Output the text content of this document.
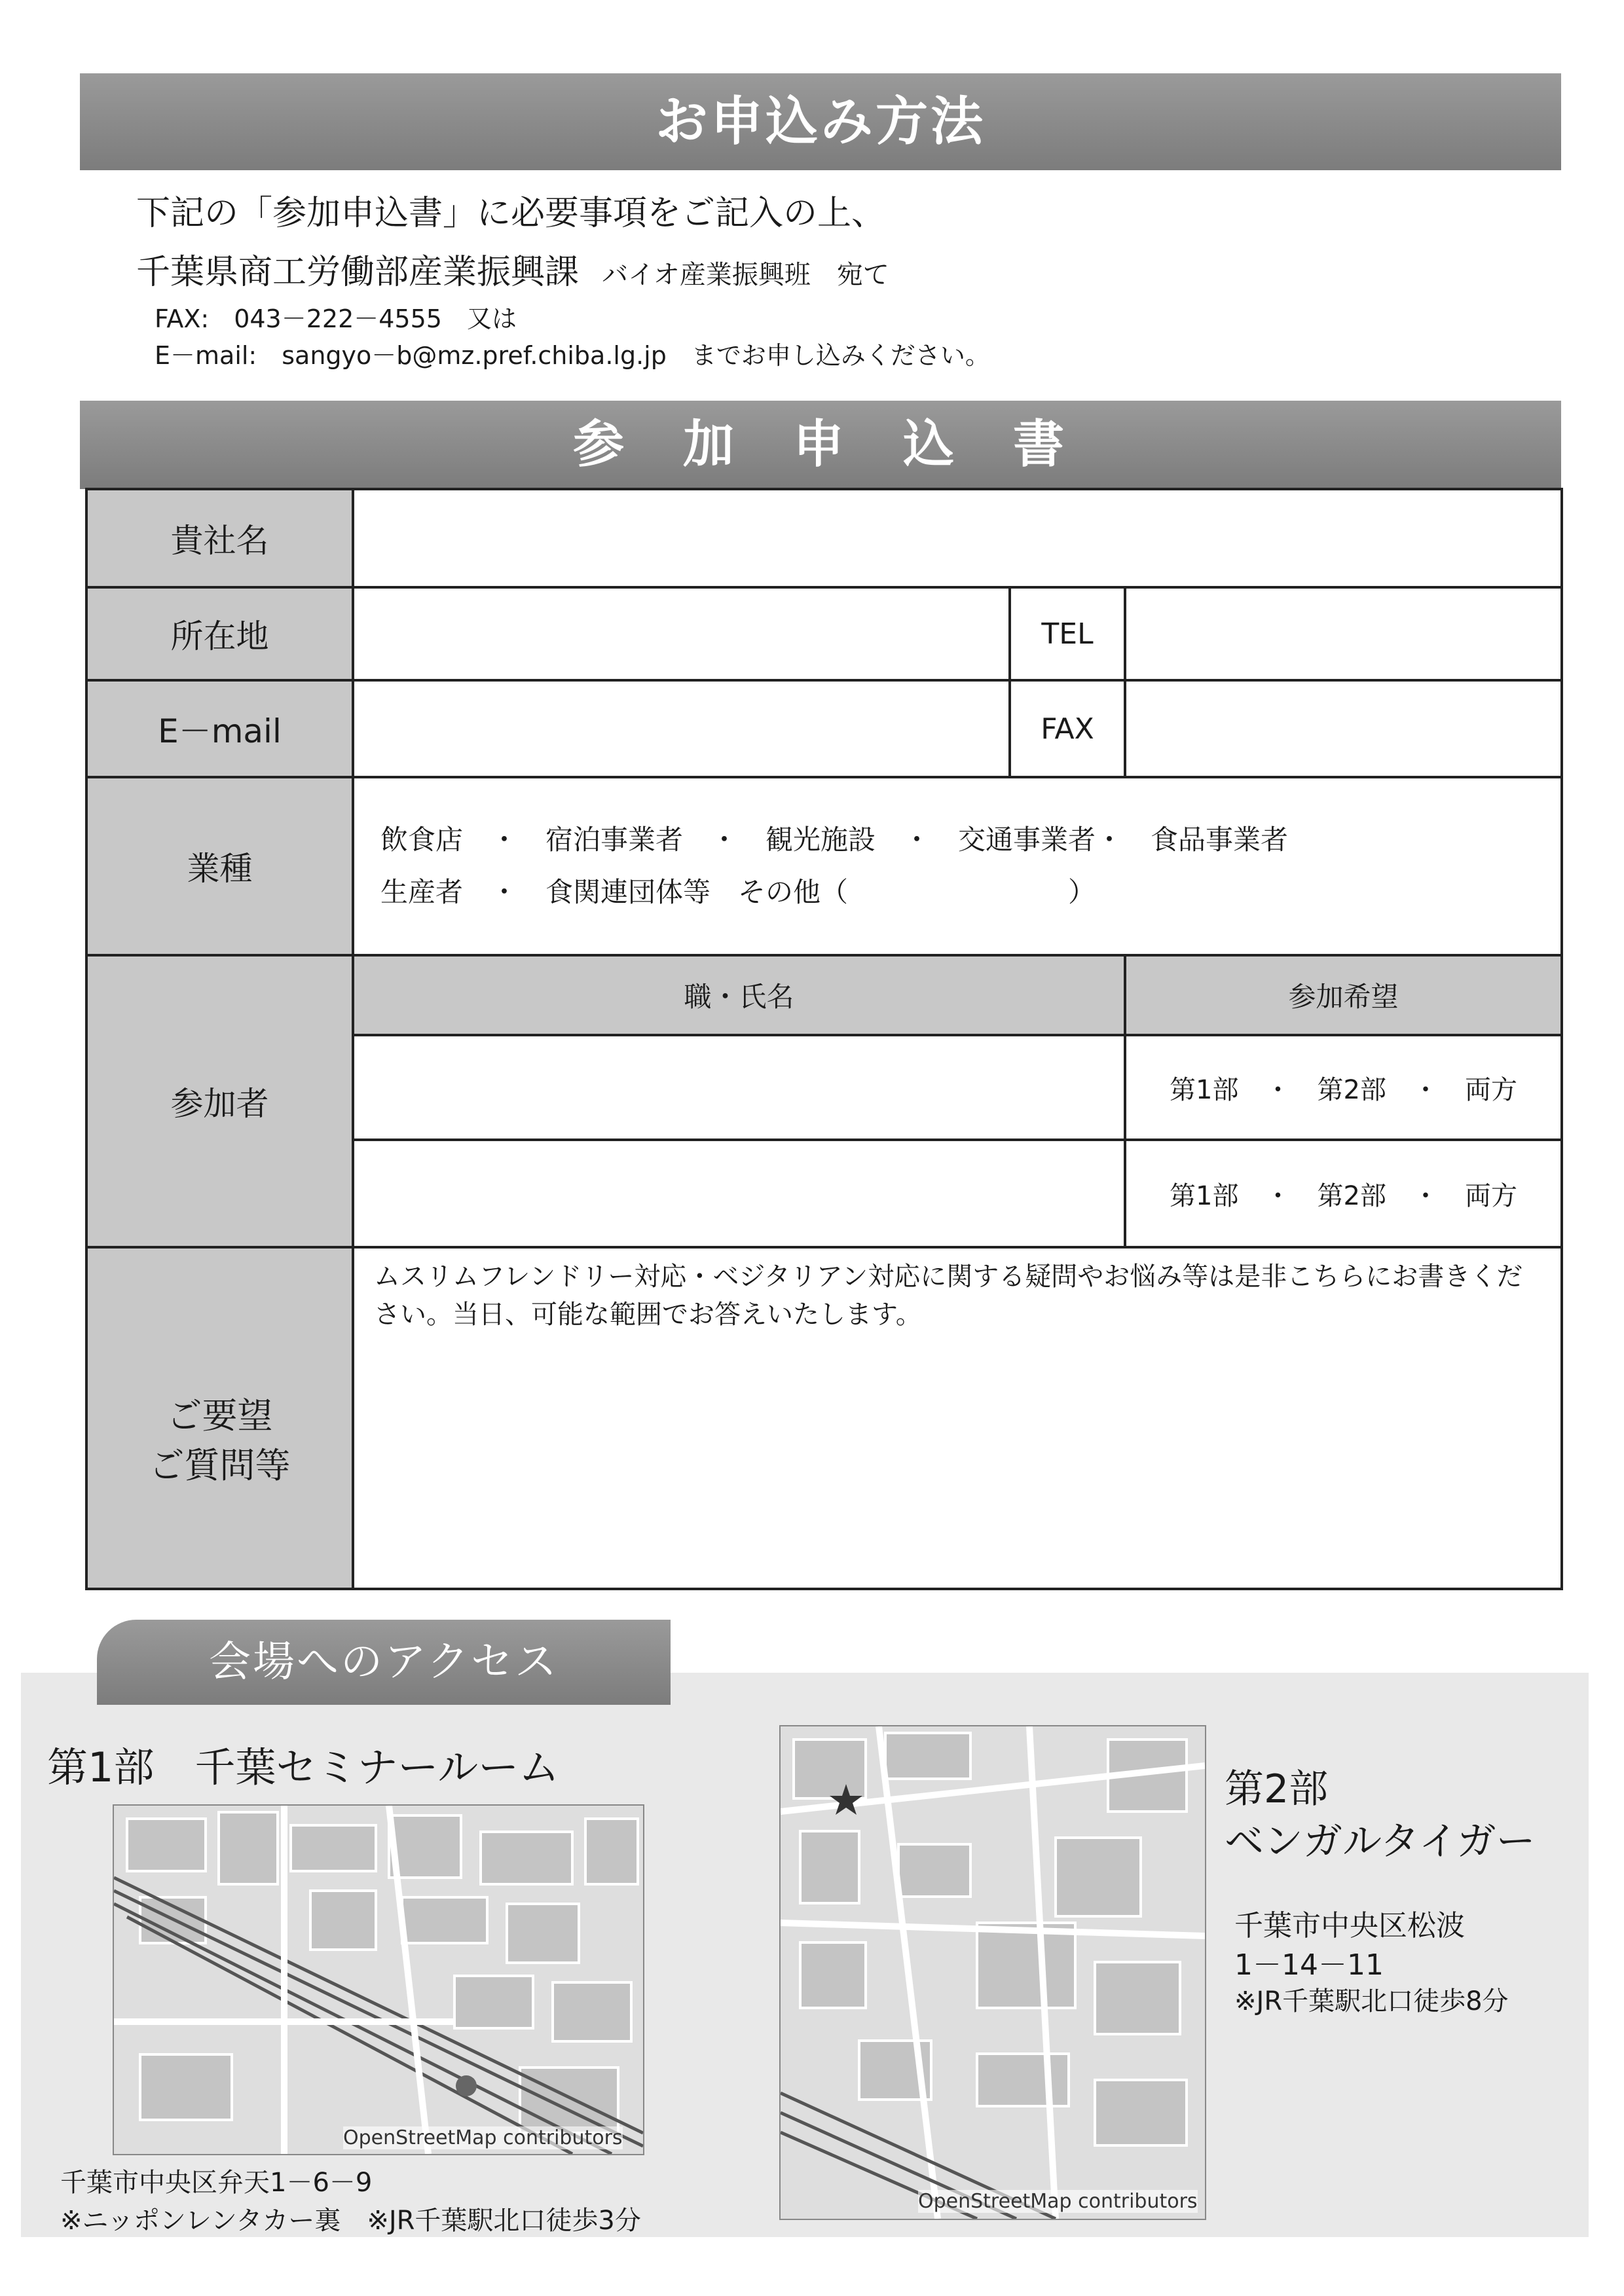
お申込み方法
下記の「参加申込書」に必要事項をご記入の上、
千葉県商工労働部産業振興課 バイオ産業振興班　宛て
FAX:　043－222－4555　又は
E－mail:　sangyo－b@mz.pref.chiba.lg.jp　までお申し込みください。
参　加　申　込　書
貴社名			
所在地		TEL	
E－mail		FAX	
業種	飲食店　・　宿泊事業者　・　観光施設　・　交通事業者・　食品事業者
生産者　・　食関連団体等　その他（　　　　　　　　）		

参加者	職・氏名		参加希望
			第1部　・　第2部　・　両方
			第1部　・　第2部　・　両方

ご要望
ご質問等	ムスリムフレンドリー対応・ベジタリアン対応に関する疑問やお悩み等は是非こちらにお書きください。当日、可能な範囲でお答えいたします。		
会場へのアクセス
第1部　千葉セミナールーム
OpenStreetMap contributors
千葉市中央区弁天1－6－9
※ニッポンレンタカー裏　※JR千葉駅北口徒歩3分
OpenStreetMap contributors
第2部
ベンガルタイガー
千葉市中央区松波
1－14－11
※JR千葉駅北口徒歩8分
